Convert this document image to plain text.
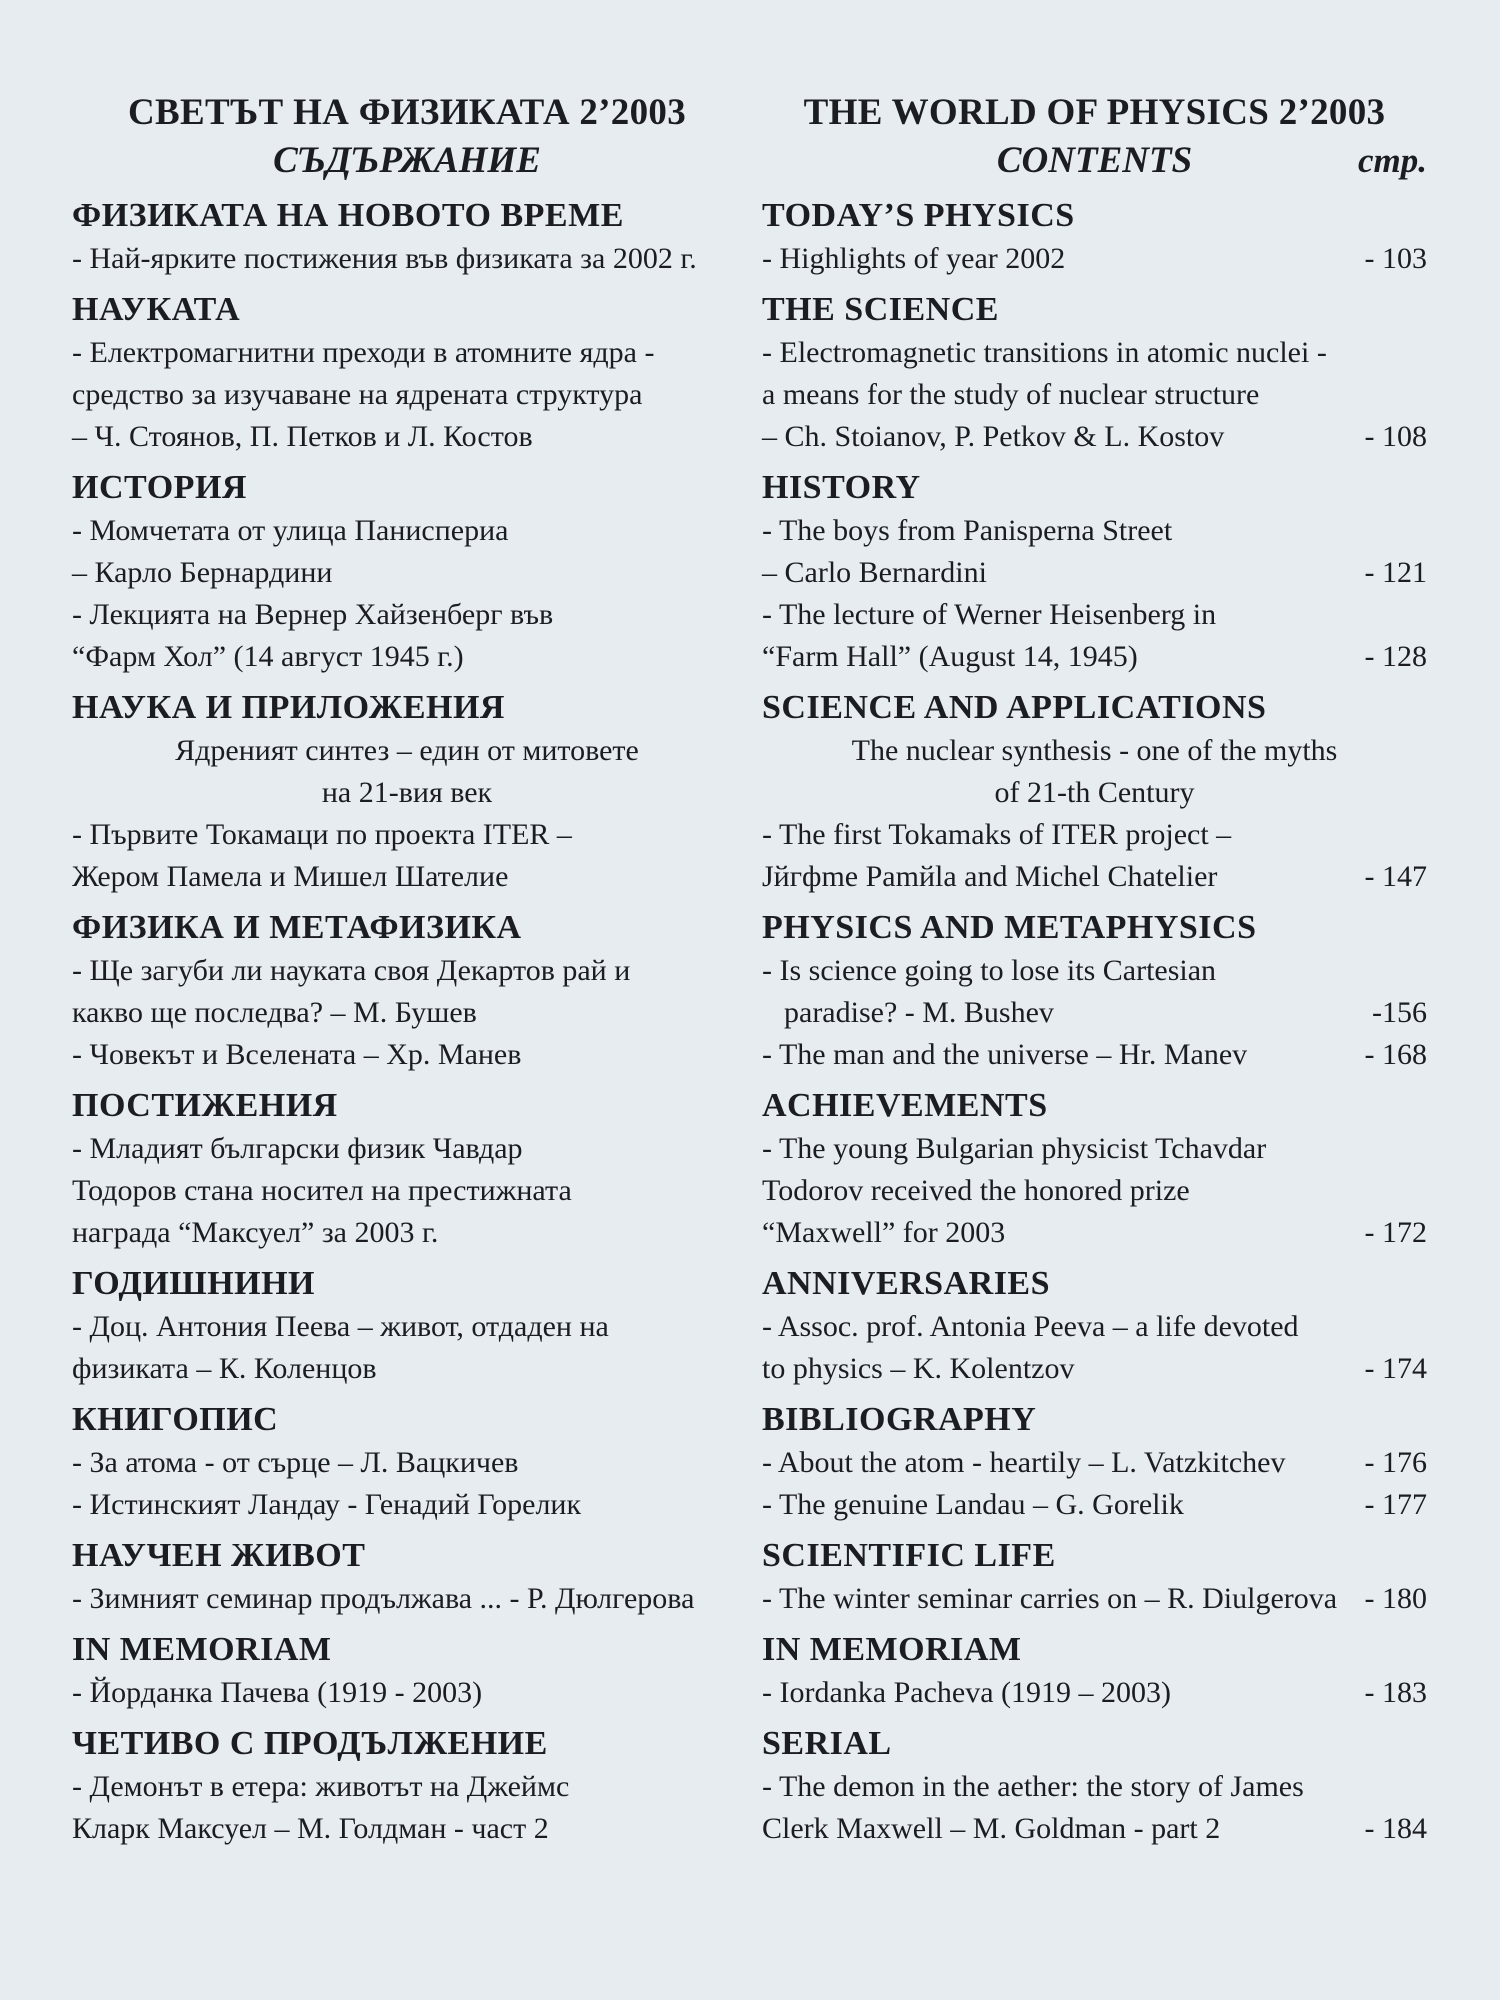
СВЕТЪТ НА ФИЗИКАТА 2’2003
СЪДЪРЖАНИЕ
ФИЗИКАТА НА НОВОТО ВРЕМЕ
- Най-ярките постижения във физиката за 2002 г.
НАУКАТА
- Електромагнитни преходи в атомните ядра -
средство за изучаване на ядрената структура
– Ч. Стоянов, П. Петков и Л. Костов
ИСТОРИЯ
- Момчетата от улица Паниспериа
– Карло Бернардини
- Лекцията на Вернер Хайзенберг във
“Фарм Хол” (14 август 1945 г.)
НАУКА И ПРИЛОЖЕНИЯ
Ядреният синтез – един от митовете
на 21-вия век
- Първите Токамаци по проекта ITER –
Жером Памела и Мишел Шателие
ФИЗИКА И МЕТАФИЗИКА
- Ще загуби ли науката своя Декартов рай и
какво ще последва? – М. Бушев
- Човекът и Вселената – Хр. Манев
ПОСТИЖЕНИЯ
- Младият български физик Чавдар
Тодоров стана носител на престижната
награда “Максуел” за 2003 г.
ГОДИШНИНИ
- Доц. Антония Пеева – живот, отдаден на
физиката – К. Коленцов
КНИГОПИС
- За атома - от сърце – Л. Вацкичев
- Истинският Ландау - Генадий Горелик
НАУЧЕН ЖИВОТ
- Зимният семинар продължава ... - Р. Дюлгерова
IN MEMORIAM
- Йорданка Пачева (1919 - 2003)
ЧЕТИВО С ПРОДЪЛЖЕНИЕ
- Демонът в етера: животът на Джеймс
Кларк Максуел – М. Голдман - част 2
THE WORLD OF PHYSICS 2’2003
CONTENTS	стр.
TODAY’S PHYSICS
- Highlights of year 2002	- 103
THE SCIENCE
- Electromagnetic transitions in atomic nuclei -
a means for the study of nuclear structure
– Ch. Stoianov, P. Petkov & L. Kostov	- 108
HISTORY
- The boys from Panisperna Street
– Carlo Bernardini	- 121
- The lecture of Werner Heisenberg in
“Farm Hall” (August 14, 1945)	- 128
SCIENCE AND APPLICATIONS
The nuclear synthesis - one of the myths
of 21-th Century
- The first Tokamaks of ITER project –
Jйгфme Pamйla and Michel Chatelier	- 147
PHYSICS AND METAPHYSICS
- Is science going to lose its Cartesian
paradise? - M. Bushev	-156
- The man and the universe – Hr. Manev	- 168
ACHIEVEMENTS
- The young Bulgarian physicist Tchavdar
Todorov received the honored prize
“Maxwell” for 2003	- 172
ANNIVERSARIES
- Assoc. prof. Antonia Peeva – a life devoted
to physics – K. Kolentzov	- 174
BIBLIOGRAPHY
- About the atom - heartily – L. Vatzkitchev	- 176
- The genuine Landau – G. Gorelik	- 177
SCIENTIFIC LIFE
- The winter seminar carries on – R. Diulgerova - 180
IN MEMORIAM
- Iordanka Pacheva (1919 – 2003)	- 183
SERIAL
- The demon in the aether: the story of James
Clerk Maxwell – M. Goldman - part 2	- 184
